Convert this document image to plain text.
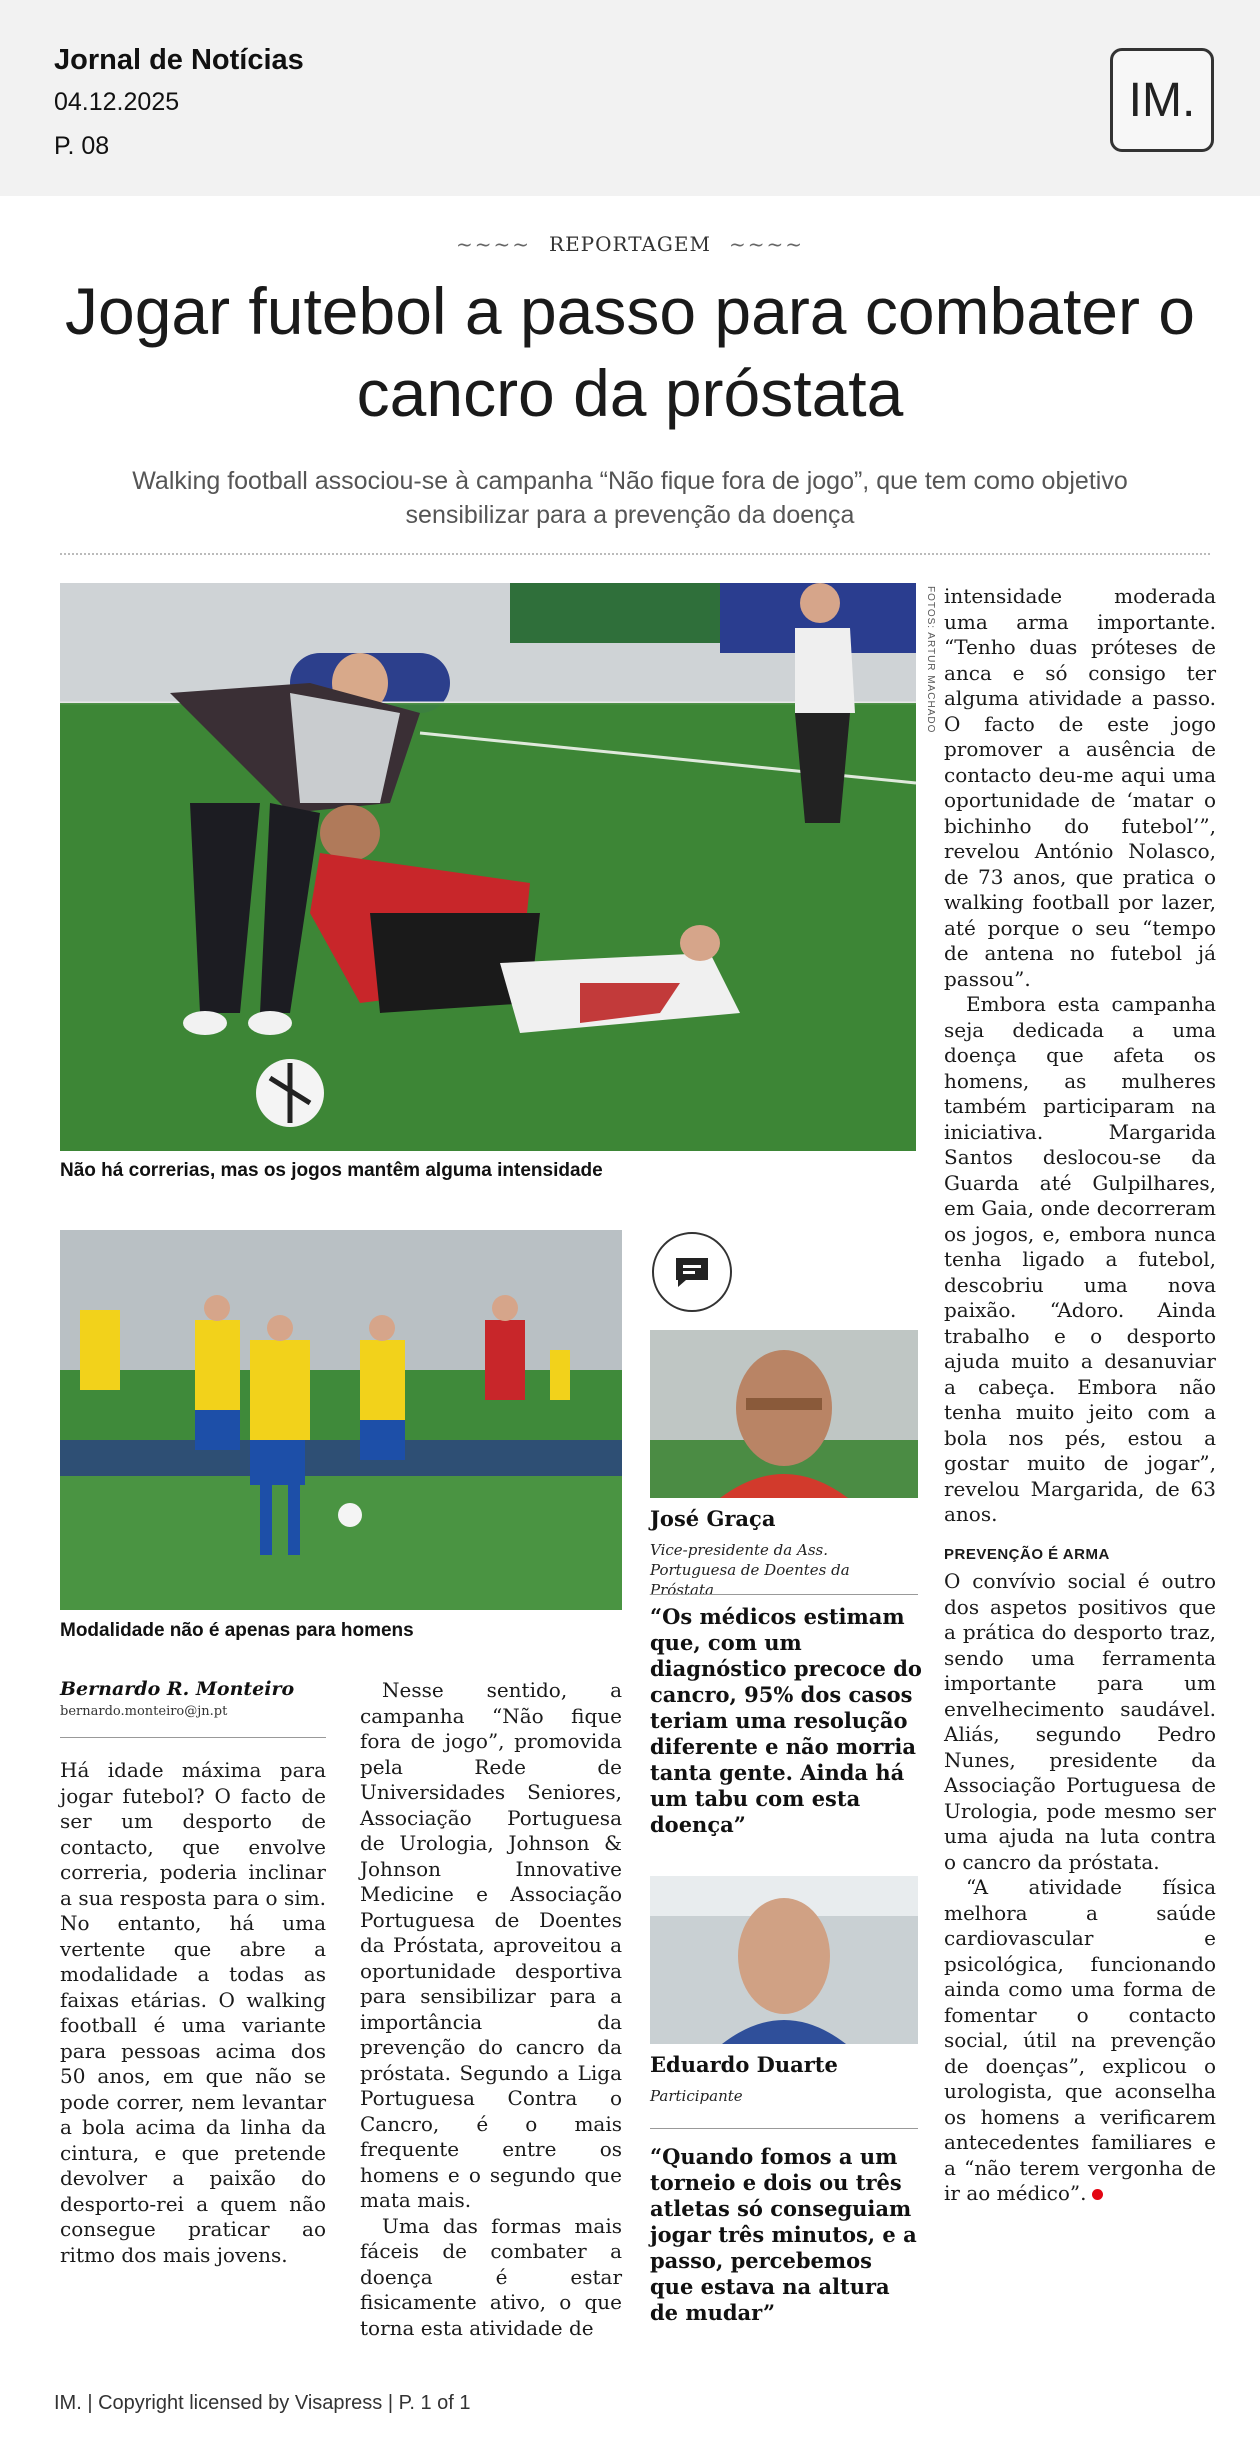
Jornal de Notícias
04.12.2025
P. 08
IM.
~~~~ REPORTAGEM ~~~~
Jogar futebol a passo para combater o cancro da próstata
Walking football associou-se à campanha “Não fique fora de jogo”, que tem como objetivo sensibilizar para a prevenção da doença
FOTOS: ARTUR MACHADO
Não há correrias, mas os jogos mantêm alguma intensidade
Modalidade não é apenas para homens
Bernardo R. Monteiro
bernardo.monteiro@jn.pt

Há idade máxima para jogar futebol? O facto de ser um desporto de contacto, que envolve correria, poderia inclinar a sua resposta para o sim. No entanto, há uma vertente que abre a modalidade a todas as faixas etárias. O walking football é uma variante para pessoas acima dos 50 anos, em que não se pode correr, nem levantar a bola acima da linha da cintura, e que pretende devolver a paixão do desporto-rei a quem não consegue praticar ao ritmo dos mais jovens.

Nesse sentido, a campanha “Não fique fora de jogo”, promovida pela Rede de Universidades Seniores, Associação Portuguesa de Urologia, Johnson & Johnson Innovative Medicine e Associação Portuguesa de Doentes da Próstata, aproveitou a oportunidade desportiva para sensibilizar para a importância da prevenção do cancro da próstata. Segundo a Liga Portuguesa Contra o Cancro, é o mais frequente entre os homens e o segundo que mata mais.

Uma das formas mais fáceis de combater a doença é estar fisicamente ativo, o que torna esta atividade de

intensidade moderada uma arma importante. “Tenho duas próteses de anca e só consigo ter alguma atividade a passo. O facto de este jogo promover a ausência de contacto deu-me aqui uma oportunidade de ‘matar o bichinho do futebol’”, revelou António Nolasco, de 73 anos, que pratica o walking football por lazer, até porque o seu “tempo de antena no futebol já passou”.

Embora esta campanha seja dedicada a uma doença que afeta os homens, as mulheres também participaram na iniciativa. Margarida Santos deslocou-se da Guarda até Gulpilhares, em Gaia, onde decorreram os jogos, e, embora nunca tenha ligado a futebol, descobriu uma nova paixão. “Adoro. Ainda trabalho e o desporto ajuda muito a desanuviar a cabeça. Embora não tenha muito jeito com a bola nos pés, estou a gostar muito de jogar”, revelou Margarida, de 63 anos.

PREVENÇÃO É ARMA

O convívio social é outro dos aspetos positivos que a prática do desporto traz, sendo uma ferramenta importante para um envelhecimento saudável. Aliás, segundo Pedro Nunes, presidente da Associação Portuguesa de Urologia, pode mesmo ser uma ajuda na luta contra o cancro da próstata.

“A atividade física melhora a saúde cardiovascular e psicológica, funcionando ainda como uma forma de fomentar o contacto social, útil na prevenção de doenças”, explicou o urologista, que aconselha os homens a verificarem antecedentes familiares e a “não terem vergonha de ir ao médico”.

José Graça
Vice-presidente da Ass. Portuguesa de Doentes da Próstata
“Os médicos estimam que, com um diagnóstico precoce do cancro, 95% dos casos teriam uma resolução diferente e não morria tanta gente. Ainda há um tabu com esta doença”
Eduardo Duarte
Participante
“Quando fomos a um torneio e dois ou três atletas só conseguiam jogar três minutos, e a passo, percebemos que estava na altura de mudar”
IM. | Copyright licensed by Visapress | P. 1 of 1
